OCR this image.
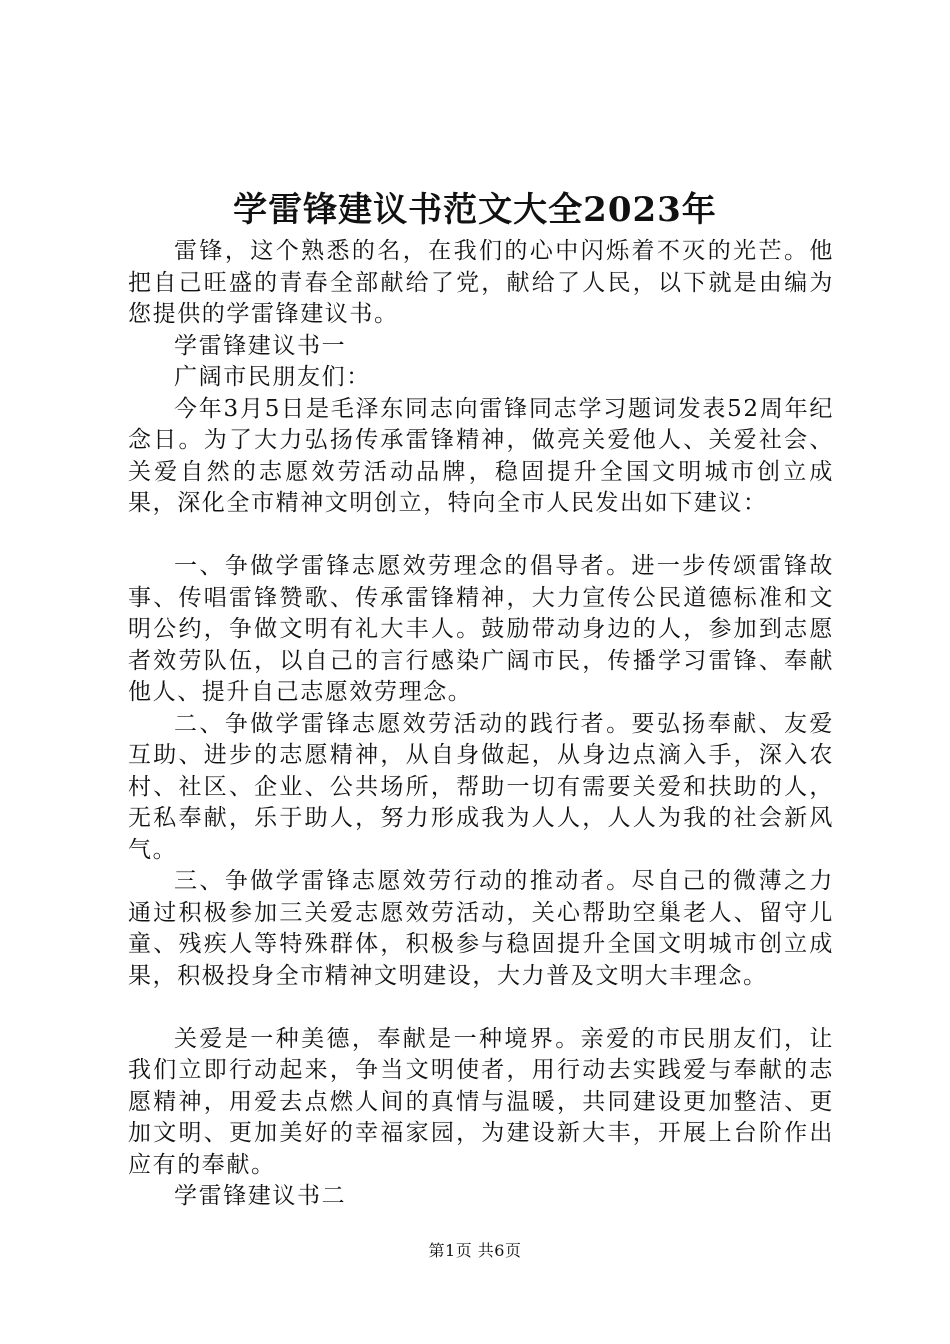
学雷锋建议书范文大全2023年

雷锋，这个熟悉的名，在我们的心中闪烁着不灭的光芒。他把自己旺盛的青春全部献给了党，献给了人民，以下就是由编为您提供的学雷锋建议书。

学雷锋建议书一

广阔市民朋友们：

今年3月5日是毛泽东同志向雷锋同志学习题词发表52周年纪念日。为了大力弘扬传承雷锋精神，做亮关爱他人、关爱社会、关爱自然的志愿效劳活动品牌，稳固提升全国文明城市创立成果，深化全市精神文明创立，特向全市人民发出如下建议：

一、争做学雷锋志愿效劳理念的倡导者。进一步传颂雷锋故事、传唱雷锋赞歌、传承雷锋精神，大力宣传公民道德标准和文明公约，争做文明有礼大丰人。鼓励带动身边的人，参加到志愿者效劳队伍，以自己的言行感染广阔市民，传播学习雷锋、奉献他人、提升自己志愿效劳理念。

二、争做学雷锋志愿效劳活动的践行者。要弘扬奉献、友爱互助、进步的志愿精神，从自身做起，从身边点滴入手，深入农村、社区、企业、公共场所，帮助一切有需要关爱和扶助的人，无私奉献，乐于助人，努力形成我为人人，人人为我的社会新风气。

三、争做学雷锋志愿效劳行动的推动者。尽自己的微薄之力通过积极参加三关爱志愿效劳活动，关心帮助空巢老人、留守儿童、残疾人等特殊群体，积极参与稳固提升全国文明城市创立成果，积极投身全市精神文明建设，大力普及文明大丰理念。

关爱是一种美德，奉献是一种境界。亲爱的市民朋友们，让我们立即行动起来，争当文明使者，用行动去实践爱与奉献的志愿精神，用爱去点燃人间的真情与温暖，共同建设更加整洁、更加文明、更加美好的幸福家园，为建设新大丰，开展上台阶作出应有的奉献。

学雷锋建议书二

第1页 共6页
